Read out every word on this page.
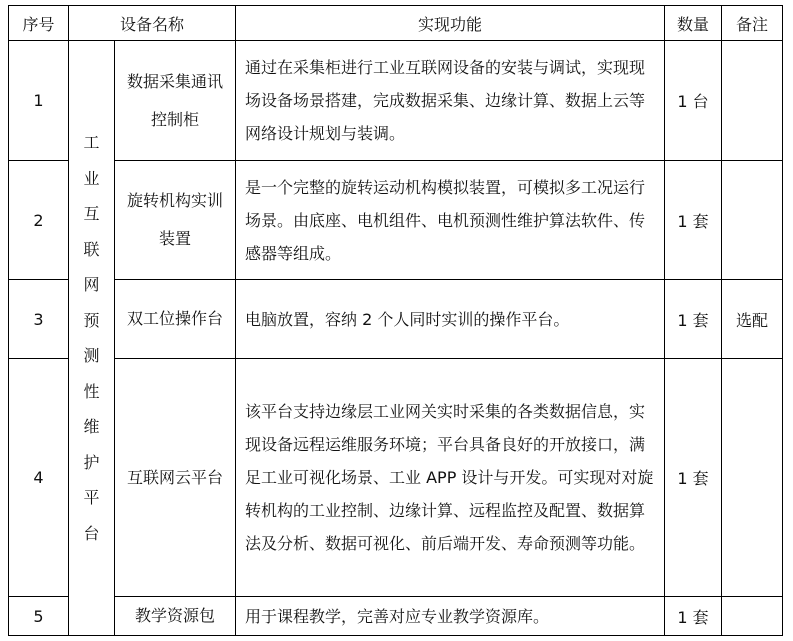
序号	设备名称		实现功能	数量	备注
1	工业互联网预测性维护平台	数据采集通讯控制柜	通过在采集柜进行工业互联网设备的安装与调试，实现现场设备场景搭建，完成数据采集、边缘计算、数据上云等网络设计规划与装调。	1 台	
2		旋转机构实训装置	是一个完整的旋转运动机构模拟装置，可模拟多工况运行场景。由底座、电机组件、电机预测性维护算法软件、传感器等组成。	1 套	
3		双工位操作台	电脑放置，容纳 2 个人同时实训的操作平台。	1 套	选配
4		互联网云平台	该平台支持边缘层工业网关实时采集的各类数据信息，实现设备远程运维服务环境；平台具备良好的开放接口，满足工业可视化场景、工业 APP 设计与开发。可实现对对旋转机构的工业控制、边缘计算、远程监控及配置、数据算法及分析、数据可视化、前后端开发、寿命预测等功能。	1 套	
5		教学资源包	用于课程教学，完善对应专业教学资源库。	1 套	
